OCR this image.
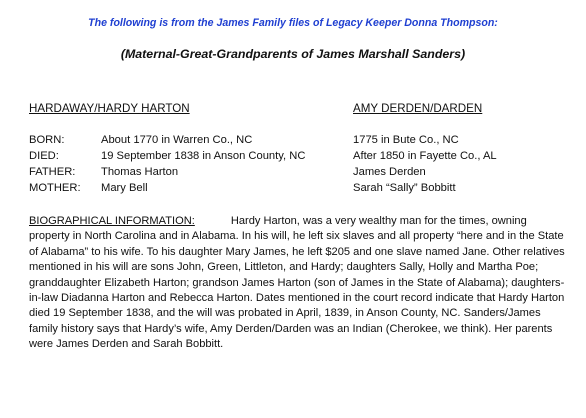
The following is from the James Family files of Legacy Keeper Donna Thompson:
(Maternal-Great-Grandparents of James Marshall Sanders)
HARDAWAY/HARDY HARTON	AMY DERDEN/DARDEN
BORN:	About 1770 in Warren Co., NC	1775 in Bute Co., NC
DIED:	19 September 1838 in Anson County, NC	After 1850 in Fayette Co., AL
FATHER: Thomas Harton	James Derden
MOTHER: Mary Bell	Sarah “Sally” Bobbitt
BIOGRAPHICAL INFORMATION:	Hardy Harton, was a very wealthy man for the times, owning property in North Carolina and in Alabama. In his will, he left six slaves and all property “here and in the State of Alabama” to his wife. To his daughter Mary James, he left $205 and one slave named Jane. Other relatives mentioned in his will are sons John, Green, Littleton, and Hardy; daughters Sally, Holly and Martha Poe; granddaughter Elizabeth Harton; grandson James Harton (son of James in the State of Alabama); daughters-in-law Diadanna Harton and Rebecca Harton. Dates mentioned in the court record indicate that Hardy Harton died 19 September 1838, and the will was probated in April, 1839, in Anson County, NC. Sanders/James family history says that Hardy’s wife, Amy Derden/Darden was an Indian (Cherokee, we think). Her parents were James Derden and Sarah Bobbitt.
